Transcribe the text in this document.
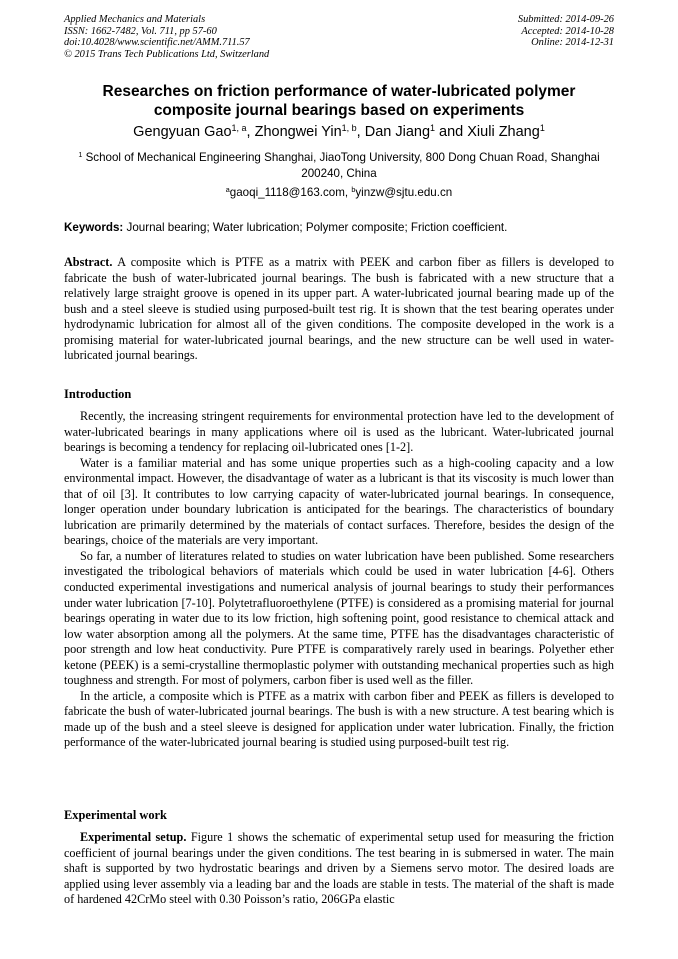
Applied Mechanics and Materials
ISSN: 1662-7482, Vol. 711, pp 57-60
doi:10.4028/www.scientific.net/AMM.711.57
© 2015 Trans Tech Publications Ltd, Switzerland
Submitted: 2014-09-26
Accepted: 2014-10-28
Online: 2014-12-31
Researches on friction performance of water-lubricated polymer composite journal bearings based on experiments
Gengyuan Gao$^{1, a}$, Zhongwei Yin$^{1, b}$, Dan Jiang$^1$ and Xiuli Zhang$^1$
$^1$ School of Mechanical Engineering Shanghai, JiaoTong University, 800 Dong Chuan Road, Shanghai 200240, China
$^a$gaoqi_1118@163.com, $^b$yinzw@sjtu.edu.cn
Keywords: Journal bearing; Water lubrication; Polymer composite; Friction coefficient.

Abstract. A composite which is PTFE as a matrix with PEEK and carbon fiber as fillers is developed to fabricate the bush of water-lubricated journal bearings. The bush is fabricated with a new structure that a relatively large straight groove is opened in its upper part. A water-lubricated journal bearing made up of the bush and a steel sleeve is studied using purposed-built test rig. It is shown that the test bearing operates under hydrodynamic lubrication for almost all of the given conditions. The composite developed in the work is a promising material for water-lubricated journal bearings, and the new structure can be well used in water-lubricated journal bearings.

Introduction

Recently, the increasing stringent requirements for environmental protection have led to the development of water-lubricated bearings in many applications where oil is used as the lubricant. Water-lubricated journal bearings is becoming a tendency for replacing oil-lubricated ones [1-2].

Water is a familiar material and has some unique properties such as a high-cooling capacity and a low environmental impact. However, the disadvantage of water as a lubricant is that its viscosity is much lower than that of oil [3]. It contributes to low carrying capacity of water-lubricated journal bearings. In consequence, longer operation under boundary lubrication is anticipated for the bearings. The characteristics of boundary lubrication are primarily determined by the materials of contact surfaces. Therefore, besides the design of the bearings, choice of the materials are very important.

So far, a number of literatures related to studies on water lubrication have been published. Some researchers investigated the tribological behaviors of materials which could be used in water lubrication [4-6]. Others conducted experimental investigations and numerical analysis of journal bearings to study their performances under water lubrication [7-10]. Polytetrafluoroethylene (PTFE) is considered as a promising material for journal bearings operating in water due to its low friction, high softening point, good resistance to chemical attack and low water absorption among all the polymers. At the same time, PTFE has the disadvantages characteristic of poor strength and low heat conductivity. Pure PTFE is comparatively rarely used in bearings. Polyether ether ketone (PEEK) is a semi-crystalline thermoplastic polymer with outstanding mechanical properties such as high toughness and strength. For most of polymers, carbon fiber is used well as the filler.

In the article, a composite which is PTFE as a matrix with carbon fiber and PEEK as fillers is developed to fabricate the bush of water-lubricated journal bearings. The bush is with a new structure. A test bearing which is made up of the bush and a steel sleeve is designed for application under water lubrication. Finally, the friction performance of the water-lubricated journal bearing is studied using purposed-built test rig.

Experimental work

Experimental setup. Figure 1 shows the schematic of experimental setup used for measuring the friction coefficient of journal bearings under the given conditions. The test bearing in is submersed in water. The main shaft is supported by two hydrostatic bearings and driven by a Siemens servo motor. The desired loads are applied using lever assembly via a leading bar and the loads are stable in tests. The material of the shaft is made of hardened 42CrMo steel with 0.30 Poisson’s ratio, 206GPa elastic
